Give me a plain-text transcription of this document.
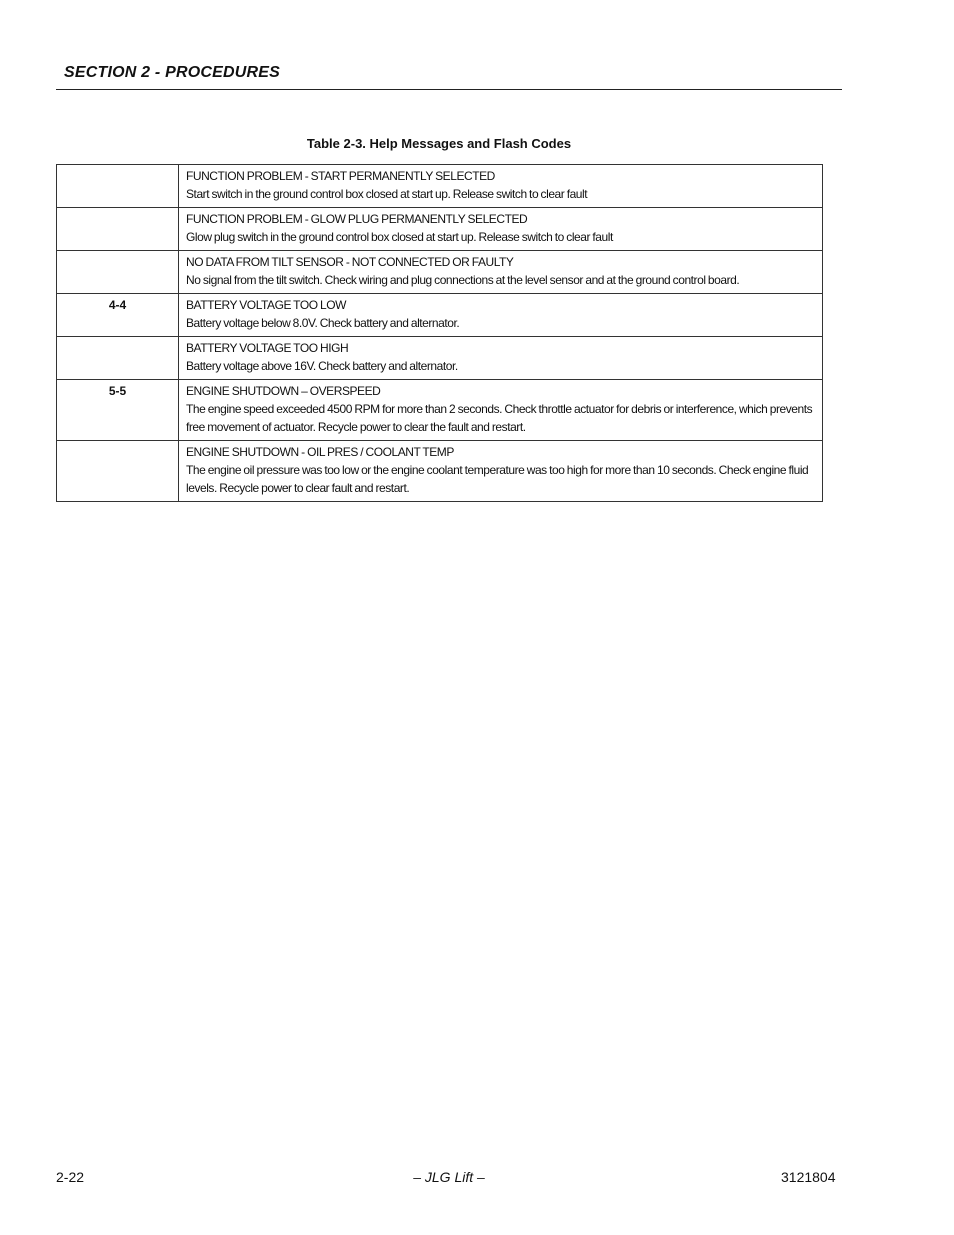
SECTION 2 - PROCEDURES
Table 2-3. Help Messages and Flash Codes

	FUNCTION PROBLEM - START PERMANENTLY SELECTED
Start switch in the ground control box closed at start up. Release switch to clear fault

	FUNCTION PROBLEM - GLOW PLUG PERMANENTLY SELECTED
Glow plug switch in the ground control box closed at start up. Release switch to clear fault

	NO DATA FROM TILT SENSOR - NOT CONNECTED OR FAULTY
No signal from the tilt switch. Check wiring and plug connections at the level sensor and at the ground control board.

4-4	BATTERY VOLTAGE TOO LOW
Battery voltage below 8.0V. Check battery and alternator.

	BATTERY VOLTAGE TOO HIGH
Battery voltage above 16V. Check battery and alternator.

5-5	ENGINE SHUTDOWN – OVERSPEED
The engine speed exceeded 4500 RPM for more than 2 seconds. Check throttle actuator for debris or interference, which prevents free movement of actuator. Recycle power to clear the fault and restart.

	ENGINE SHUTDOWN - OIL PRES / COOLANT TEMP
The engine oil pressure was too low or the engine coolant temperature was too high for more than 10 seconds. Check engine fluid levels. Recycle power to clear fault and restart.
2-22	– JLG Lift –	3121804
